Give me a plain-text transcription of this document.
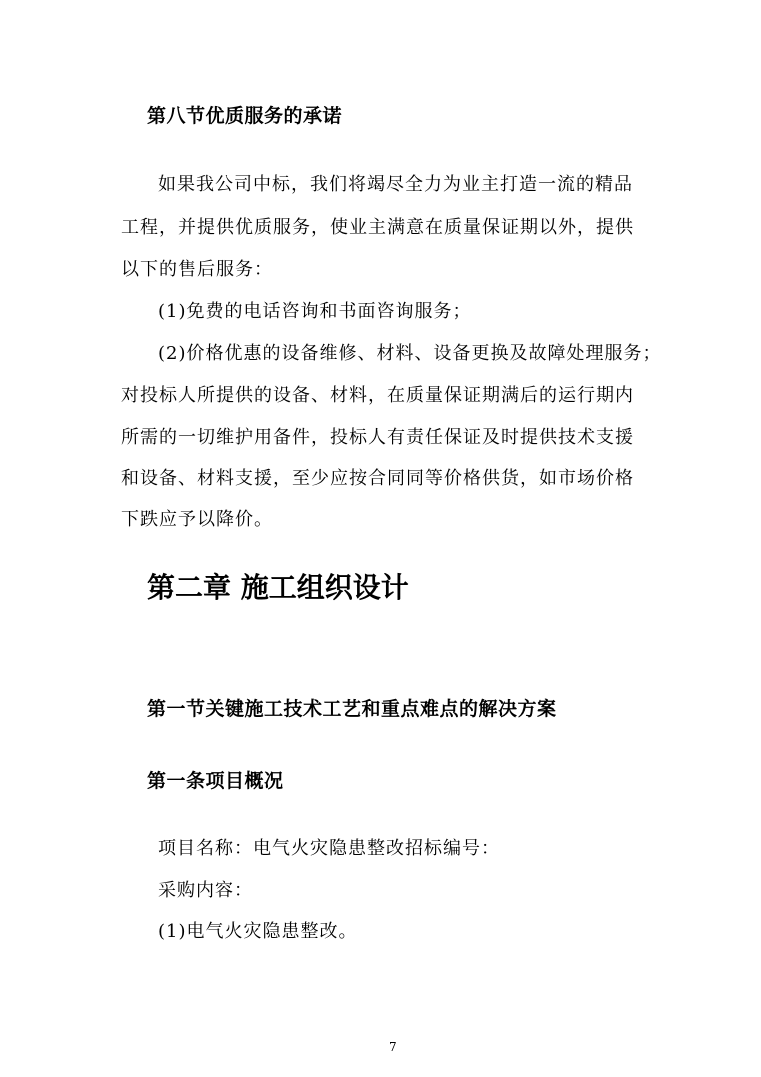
第八节优质服务的承诺
如果我公司中标，我们将竭尽全力为业主打造一流的精品
工程，并提供优质服务，使业主满意在质量保证期以外，提供
以下的售后服务：
(1)免费的电话咨询和书面咨询服务；
(2)价格优惠的设备维修、材料、设备更换及故障处理服务；
对投标人所提供的设备、材料，在质量保证期满后的运行期内
所需的一切维护用备件，投标人有责任保证及时提供技术支援
和设备、材料支援，至少应按合同同等价格供货，如市场价格
下跌应予以降价。
第二章 施工组织设计
第一节关键施工技术工艺和重点难点的解决方案
第一条项目概况
项目名称：电气火灾隐患整改招标编号：
采购内容：
(1)电气火灾隐患整改。
7
